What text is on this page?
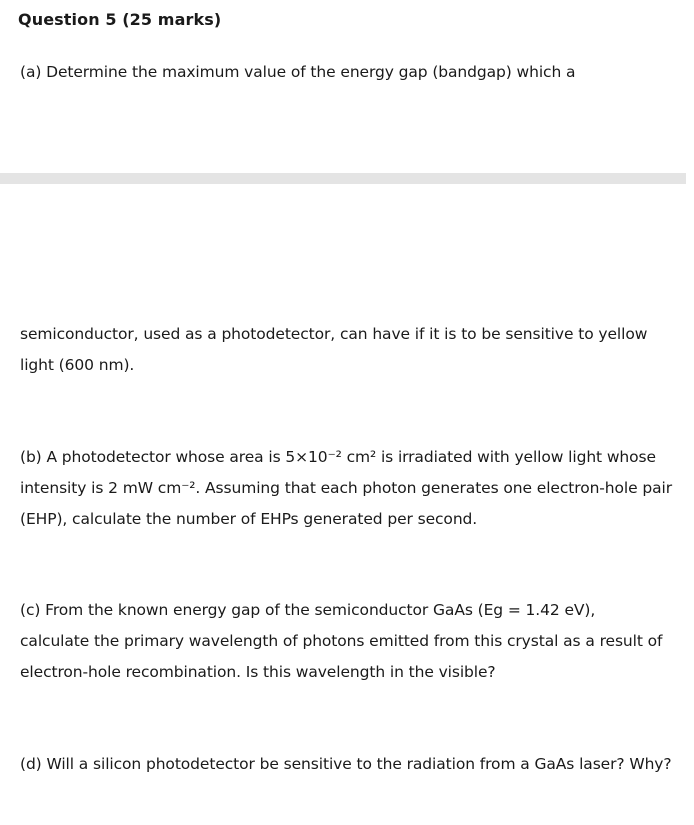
Question 5 (25 marks)
(a) Determine the maximum value of the energy gap (bandgap) which a
semiconductor, used as a photodetector, can have if it is to be sensitive to yellow
light (600 nm).
(b) A photodetector whose area is 5×10⁻² cm² is irradiated with yellow light whose
intensity is 2 mW cm⁻². Assuming that each photon generates one electron-hole pair
(EHP), calculate the number of EHPs generated per second.
(c) From the known energy gap of the semiconductor GaAs (Eg = 1.42 eV),
calculate the primary wavelength of photons emitted from this crystal as a result of
electron-hole recombination. Is this wavelength in the visible?
(d) Will a silicon photodetector be sensitive to the radiation from a GaAs laser? Why?
